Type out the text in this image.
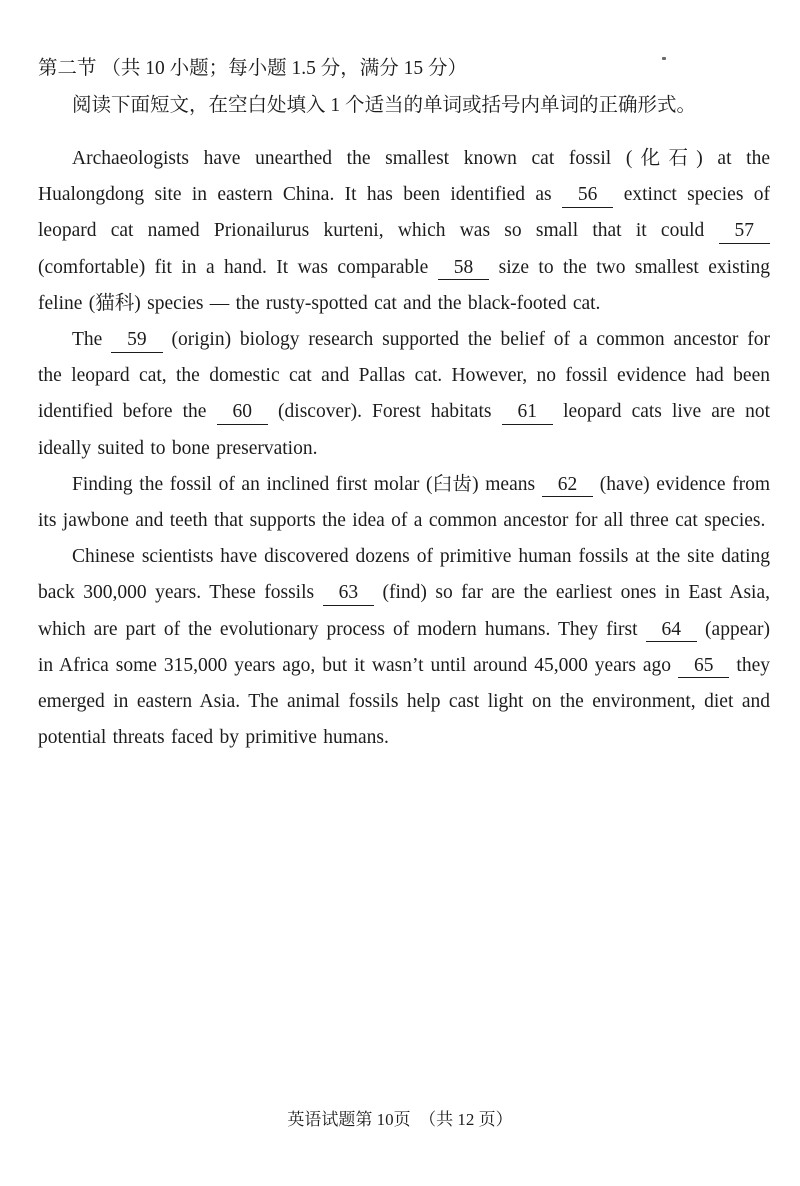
第二节 （共 10 小题；每小题 1.5 分，满分 15 分）
阅读下面短文，在空白处填入 1 个适当的单词或括号内单词的正确形式。

Archaeologists have unearthed the smallest known cat fossil (化石) at the Hualongdong site in eastern China. It has been identified as 56 extinct species of leopard cat named Prionailurus kurteni, which was so small that it could 57 (comfortable) fit in a hand. It was comparable 58 size to the two smallest existing feline (猫科) species — the rusty-spotted cat and the black-footed cat.

The 59 (origin) biology research supported the belief of a common ancestor for the leopard cat, the domestic cat and Pallas cat. However, no fossil evidence had been identified before the 60 (discover). Forest habitats 61 leopard cats live are not ideally suited to bone preservation.

Finding the fossil of an inclined first molar (臼齿) means 62 (have) evidence from its jawbone and teeth that supports the idea of a common ancestor for all three cat species.

Chinese scientists have discovered dozens of primitive human fossils at the site dating back 300,000 years. These fossils 63 (find) so far are the earliest ones in East Asia, which are part of the evolutionary process of modern humans. They first 64 (appear) in Africa some 315,000 years ago, but it wasn’t until around 45,000 years ago 65 they emerged in eastern Asia. The animal fossils help cast light on the environment, diet and potential threats faced by primitive humans.

英语试题第 10页　（共 12 页）
